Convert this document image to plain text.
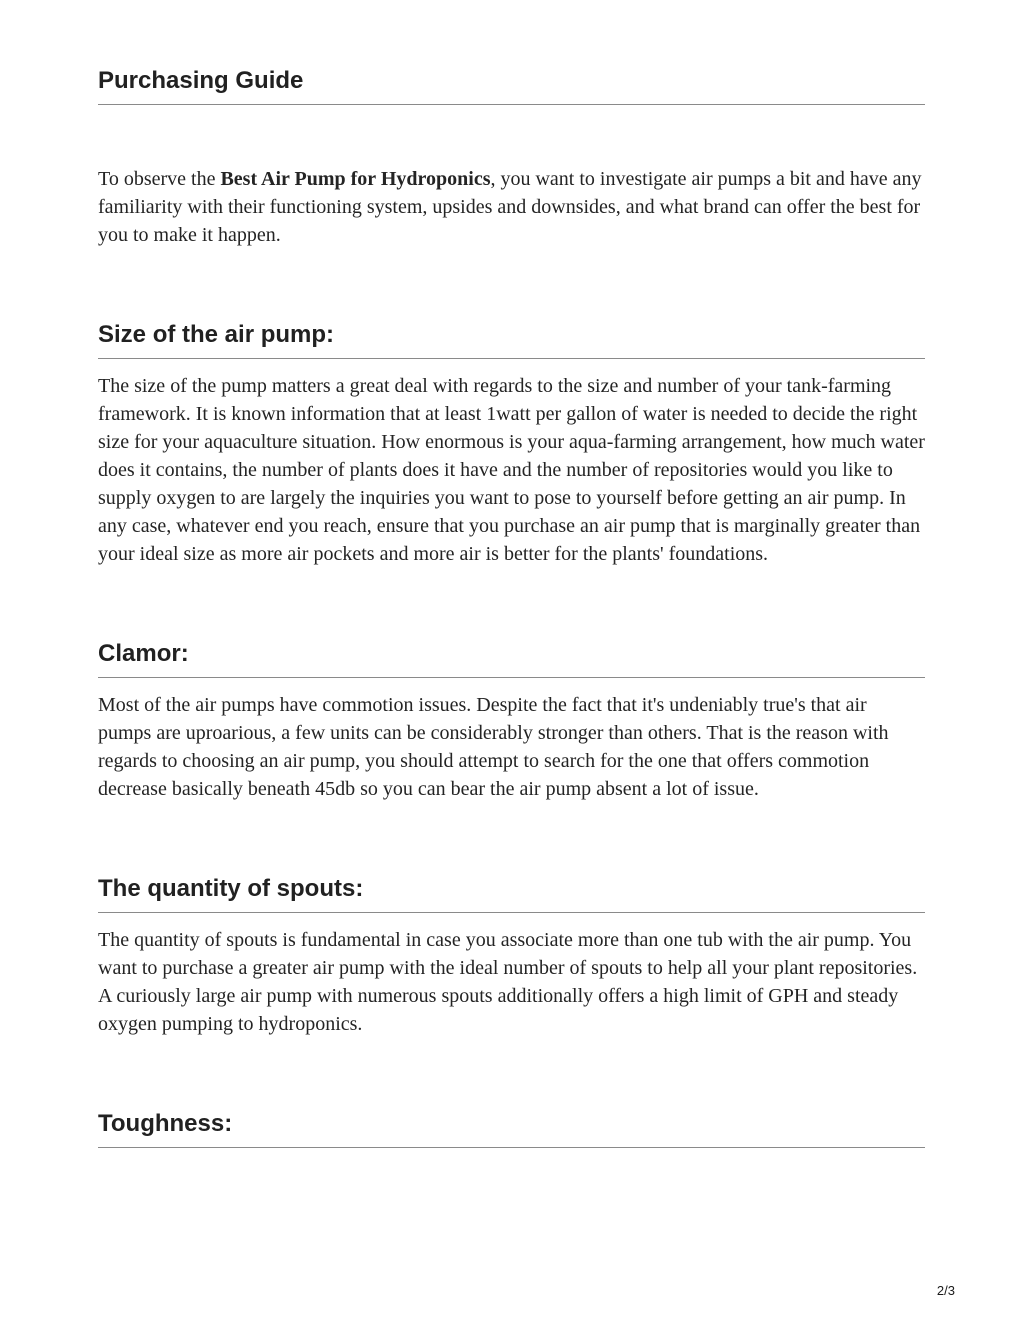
Purchasing Guide

To observe the Best Air Pump for Hydroponics, you want to investigate air pumps a bit and have any familiarity with their functioning system, upsides and downsides, and what brand can offer the best for you to make it happen.

Size of the air pump:

The size of the pump matters a great deal with regards to the size and number of your tank-farming framework. It is known information that at least 1watt per gallon of water is needed to decide the right size for your aquaculture situation. How enormous is your aqua-farming arrangement, how much water does it contains, the number of plants does it have and the number of repositories would you like to supply oxygen to are largely the inquiries you want to pose to yourself before getting an air pump. In any case, whatever end you reach, ensure that you purchase an air pump that is marginally greater than your ideal size as more air pockets and more air is better for the plants' foundations.

Clamor:

Most of the air pumps have commotion issues. Despite the fact that it's undeniably true's that air pumps are uproarious, a few units can be considerably stronger than others. That is the reason with regards to choosing an air pump, you should attempt to search for the one that offers commotion decrease basically beneath 45db so you can bear the air pump absent a lot of issue.

The quantity of spouts:

The quantity of spouts is fundamental in case you associate more than one tub with the air pump. You want to purchase a greater air pump with the ideal number of spouts to help all your plant repositories. A curiously large air pump with numerous spouts additionally offers a high limit of GPH and steady oxygen pumping to hydroponics.

Toughness:
2/3
